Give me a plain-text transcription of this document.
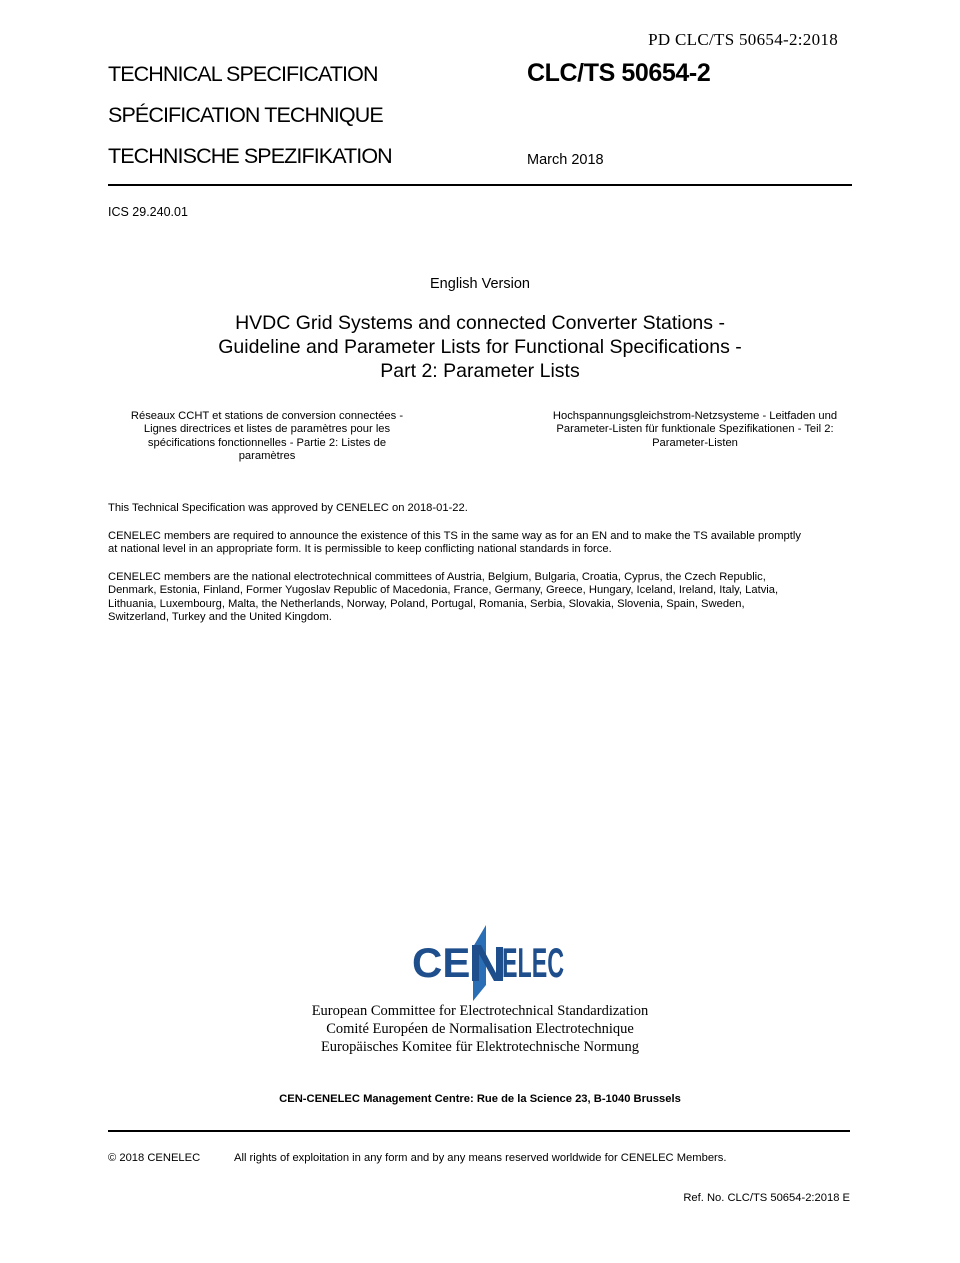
PD CLC/TS 50654-2:2018
TECHNICAL SPECIFICATION
SPÉCIFICATION TECHNIQUE
TECHNISCHE SPEZIFIKATION
CLC/TS 50654-2
March 2018
ICS 29.240.01
English Version
HVDC Grid Systems and connected Converter Stations -
Guideline and Parameter Lists for Functional Specifications -
Part 2: Parameter Lists
Réseaux CCHT et stations de conversion connectées -
Lignes directrices et listes de paramètres pour les
spécifications fonctionnelles - Partie 2: Listes de
paramètres
Hochspannungsgleichstrom-Netzsysteme - Leitfaden und
Parameter-Listen für funktionale Spezifikationen - Teil 2:
Parameter-Listen
This Technical Specification was approved by CENELEC on 2018-01-22.
CENELEC members are required to announce the existence of this TS in the same way as for an EN and to make the TS available promptly
at national level in an appropriate form. It is permissible to keep conflicting national standards in force.
CENELEC members are the national electrotechnical committees of Austria, Belgium, Bulgaria, Croatia, Cyprus, the Czech Republic,
Denmark, Estonia, Finland, Former Yugoslav Republic of Macedonia, France, Germany, Greece, Hungary, Iceland, Ireland, Italy, Latvia,
Lithuania, Luxembourg, Malta, the Netherlands, Norway, Poland, Portugal, Romania, Serbia, Slovakia, Slovenia, Spain, Sweden,
Switzerland, Turkey and the United Kingdom.
CE ELEC
European Committee for Electrotechnical Standardization
Comité Européen de Normalisation Electrotechnique
Europäisches Komitee für Elektrotechnische Normung
CEN-CENELEC Management Centre: Rue de la Science 23, B-1040 Brussels
© 2018 CENELEC	All rights of exploitation in any form and by any means reserved worldwide for CENELEC Members.
Ref. No. CLC/TS 50654-2:2018 E
